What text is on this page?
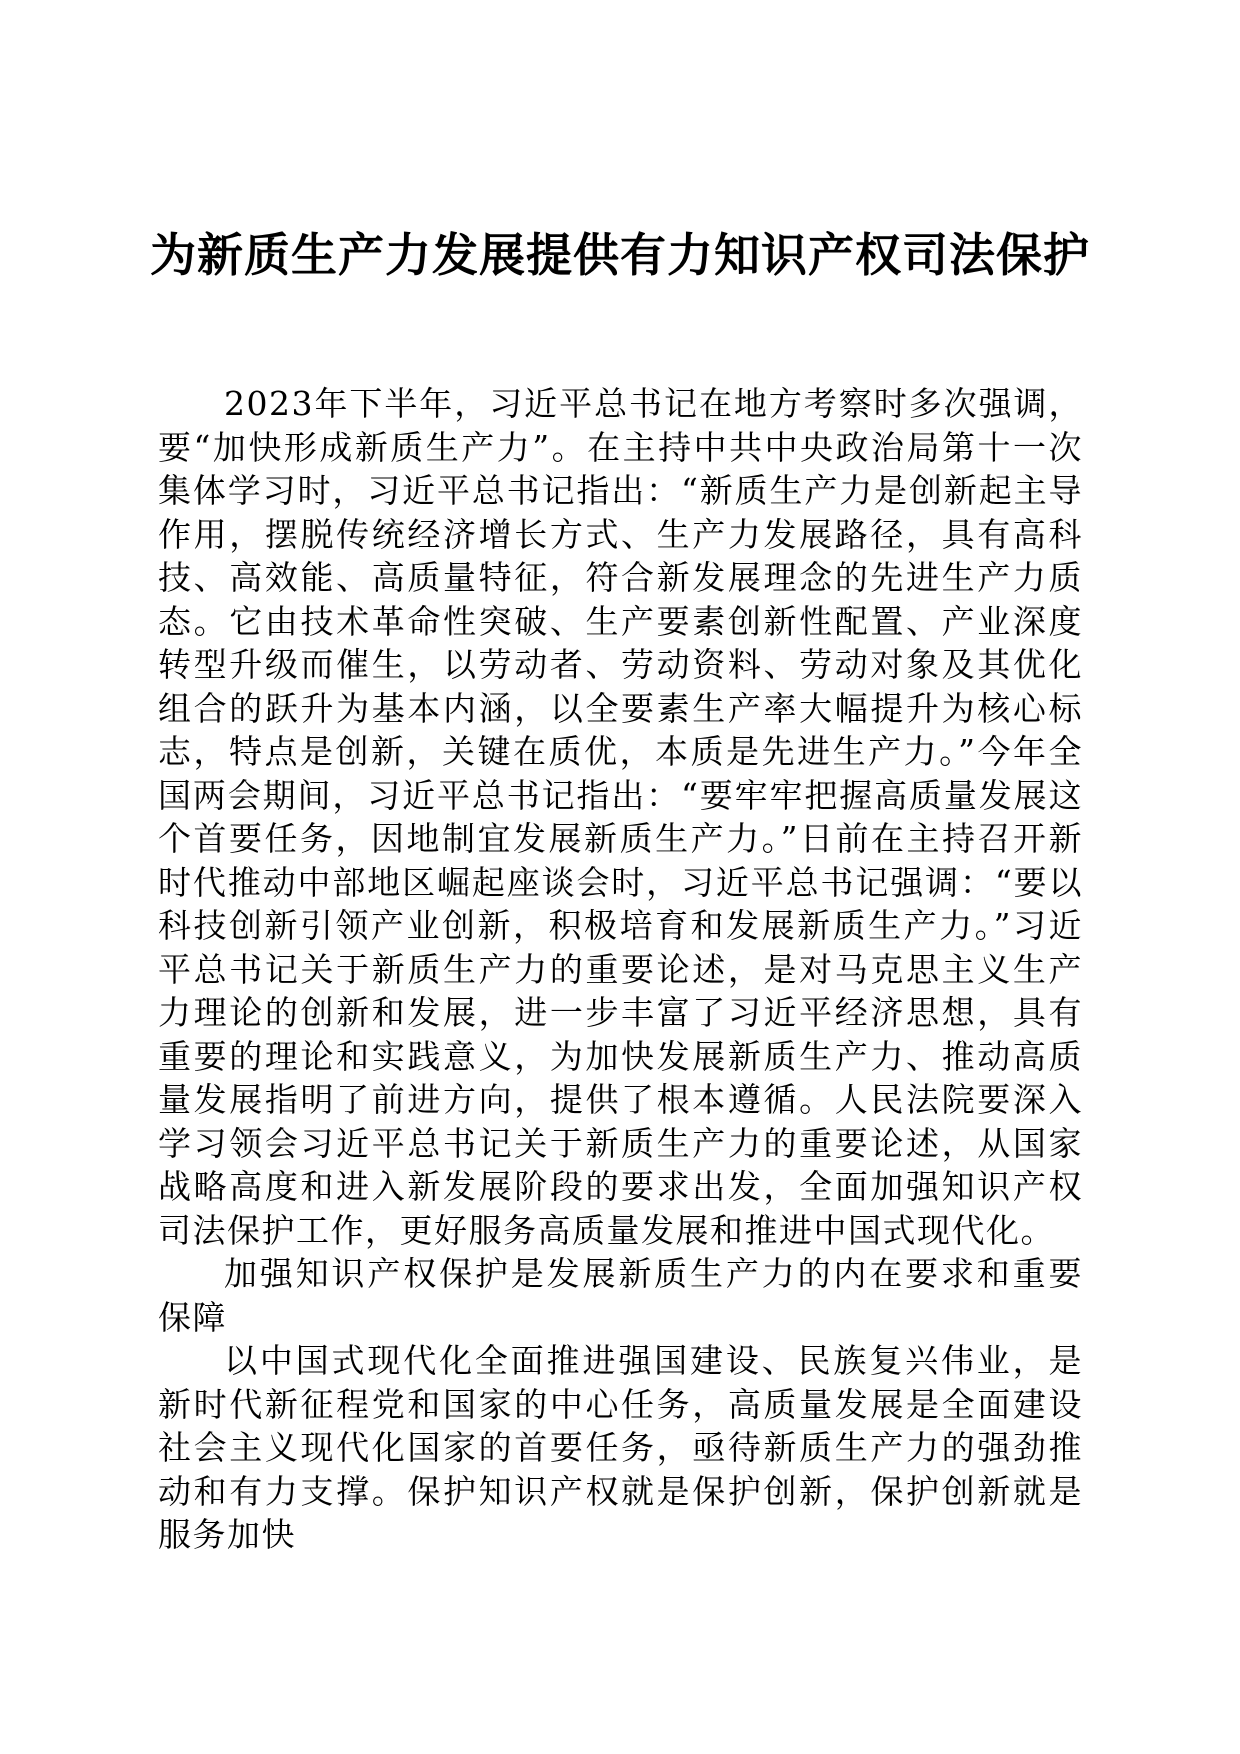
为新质生产力发展提供有力知识产权司法保护

2023年下半年，习近平总书记在地方考察时多次强调，要“加快形成新质生产力”。在主持中共中央政治局第十一次集体学习时，习近平总书记指出：“新质生产力是创新起主导作用，摆脱传统经济增长方式、生产力发展路径，具有高科技、高效能、高质量特征，符合新发展理念的先进生产力质态。它由技术革命性突破、生产要素创新性配置、产业深度转型升级而催生，以劳动者、劳动资料、劳动对象及其优化组合的跃升为基本内涵，以全要素生产率大幅提升为核心标志，特点是创新，关键在质优，本质是先进生产力。”今年全国两会期间，习近平总书记指出：“要牢牢把握高质量发展这个首要任务，因地制宜发展新质生产力。”日前在主持召开新时代推动中部地区崛起座谈会时，习近平总书记强调：“要以科技创新引领产业创新，积极培育和发展新质生产力。”习近平总书记关于新质生产力的重要论述，是对马克思主义生产力理论的创新和发展，进一步丰富了习近平经济思想，具有重要的理论和实践意义，为加快发展新质生产力、推动高质量发展指明了前进方向，提供了根本遵循。人民法院要深入学习领会习近平总书记关于新质生产力的重要论述，从国家战略高度和进入新发展阶段的要求出发，全面加强知识产权司法保护工作，更好服务高质量发展和推进中国式现代化。

加强知识产权保护是发展新质生产力的内在要求和重要保障

以中国式现代化全面推进强国建设、民族复兴伟业，是新时代新征程党和国家的中心任务，高质量发展是全面建设社会主义现代化国家的首要任务，亟待新质生产力的强劲推动和有力支撑。保护知识产权就是保护创新，保护创新就是服务加快
